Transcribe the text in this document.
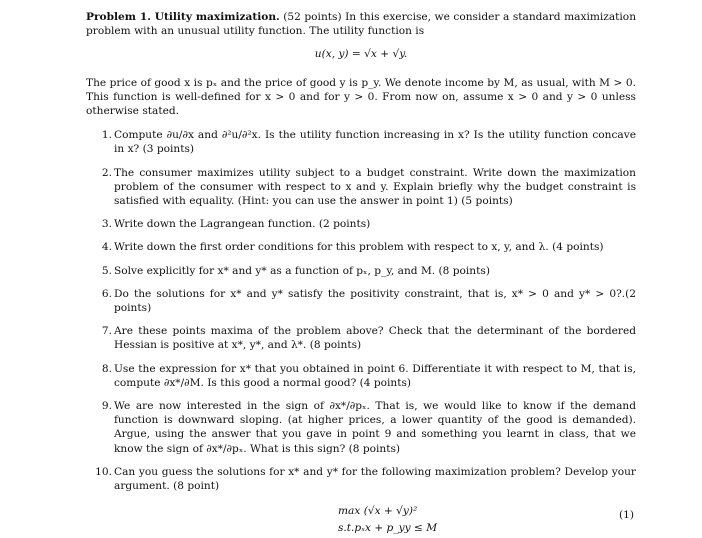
Problem 1. Utility maximization. (52 points) In this exercise, we consider a standard maximization problem with an unusual utility function. The utility function is

u(x, y) = √x + √y.

The price of good x is pₓ and the price of good y is p_y. We denote income by M, as usual, with M > 0. This function is well-defined for x > 0 and for y > 0. From now on, assume x > 0 and y > 0 unless otherwise stated.

1 . Compute ∂u/∂x and ∂²u/∂²x. Is the utility function increasing in x? Is the utility function concave in x? (3 points)
2 . The consumer maximizes utility subject to a budget constraint. Write down the maximization problem of the consumer with respect to x and y. Explain briefly why the budget constraint is satisfied with equality. (Hint: you can use the answer in point 1) (5 points)
3 . Write down the Lagrangean function. (2 points)
4 . Write down the first order conditions for this problem with respect to x, y, and λ. (4 points)
5 . Solve explicitly for x* and y* as a function of pₓ, p_y, and M. (8 points)
6 . Do the solutions for x* and y* satisfy the positivity constraint, that is, x* > 0 and y* > 0?.(2 points)
7 . Are these points maxima of the problem above? Check that the determinant of the bordered Hessian is positive at x*, y*, and λ*. (8 points)
8 . Use the expression for x* that you obtained in point 6. Differentiate it with respect to M, that is, compute ∂x*/∂M. Is this good a normal good? (4 points)
9 . We are now interested in the sign of ∂x*/∂pₓ. That is, we would like to know if the demand function is downward sloping. (at higher prices, a lower quantity of the good is demanded). Argue, using the answer that you gave in point 9 and something you learnt in class, that we know the sign of ∂x*/∂pₓ. What is this sign? (8 points)
10 . Can you guess the solutions for x* and y* for the following maximization problem? Develop your argument. (8 point)
max (√x + √y)²
s.t.pₓx + p_yy ≤ M
(1)
